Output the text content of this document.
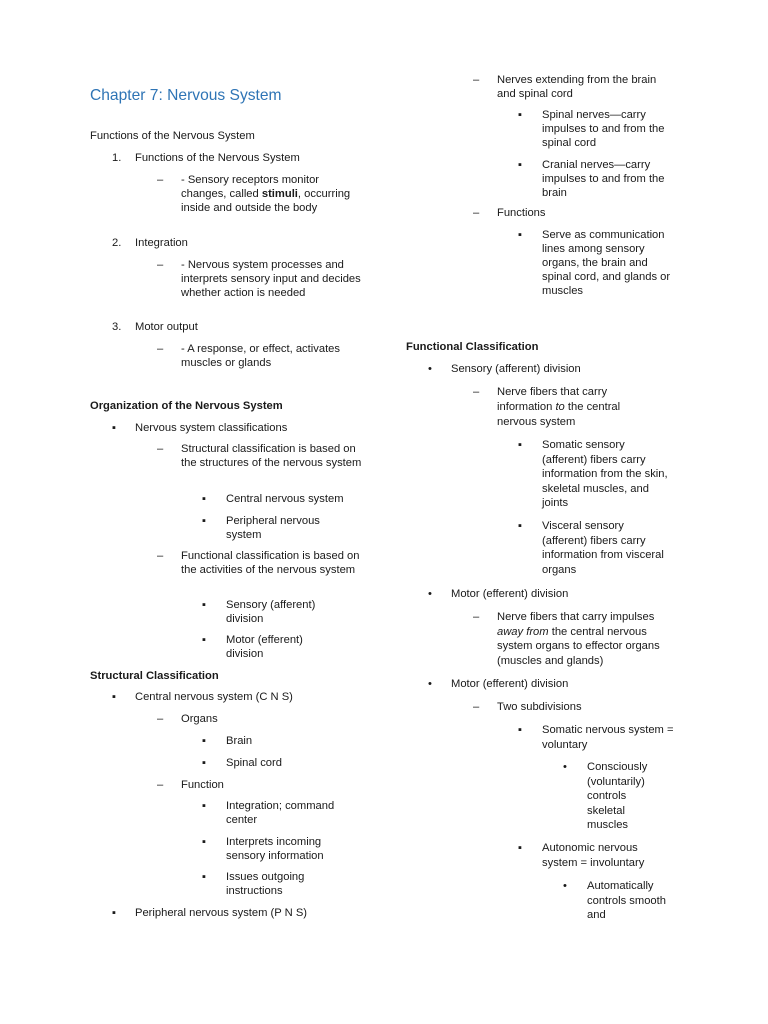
Chapter 7: Nervous System
Functions of the Nervous System
1. Functions of the Nervous System
– - Sensory receptors monitor changes, called stimuli, occurring inside and outside the body
2. Integration
– - Nervous system processes and interprets sensory input and decides whether action is needed
3. Motor output
– - A response, or effect, activates muscles or glands
Organization of the Nervous System
▪ Nervous system classifications
– Structural classification is based on the structures of the nervous system
▪ Central nervous system
▪ Peripheral nervous system
– Functional classification is based on the activities of the nervous system
▪ Sensory (afferent) division
▪ Motor (efferent) division
Structural Classification
▪ Central nervous system (C N S)
– Organs
▪ Brain
▪ Spinal cord
– Function
▪ Integration; command center
▪ Interprets incoming sensory information
▪ Issues outgoing instructions
▪ Peripheral nervous system (P N S)
– Nerves extending from the brain and spinal cord
▪ Spinal nerves—carry impulses to and from the spinal cord
▪ Cranial nerves—carry impulses to and from the brain
– Functions
▪ Serve as communication lines among sensory organs, the brain and spinal cord, and glands or muscles
Functional Classification
• Sensory (afferent) division
– Nerve fibers that carry information to the central nervous system
▪ Somatic sensory (afferent) fibers carry information from the skin, skeletal muscles, and joints
▪ Visceral sensory (afferent) fibers carry information from visceral organs
• Motor (efferent) division
– Nerve fibers that carry impulses away from the central nervous system organs to effector organs (muscles and glands)
• Motor (efferent) division
– Two subdivisions
▪ Somatic nervous system = voluntary
• Consciously (voluntarily) controls skeletal muscles
▪ Autonomic nervous system = involuntary
• Automatically controls smooth and
